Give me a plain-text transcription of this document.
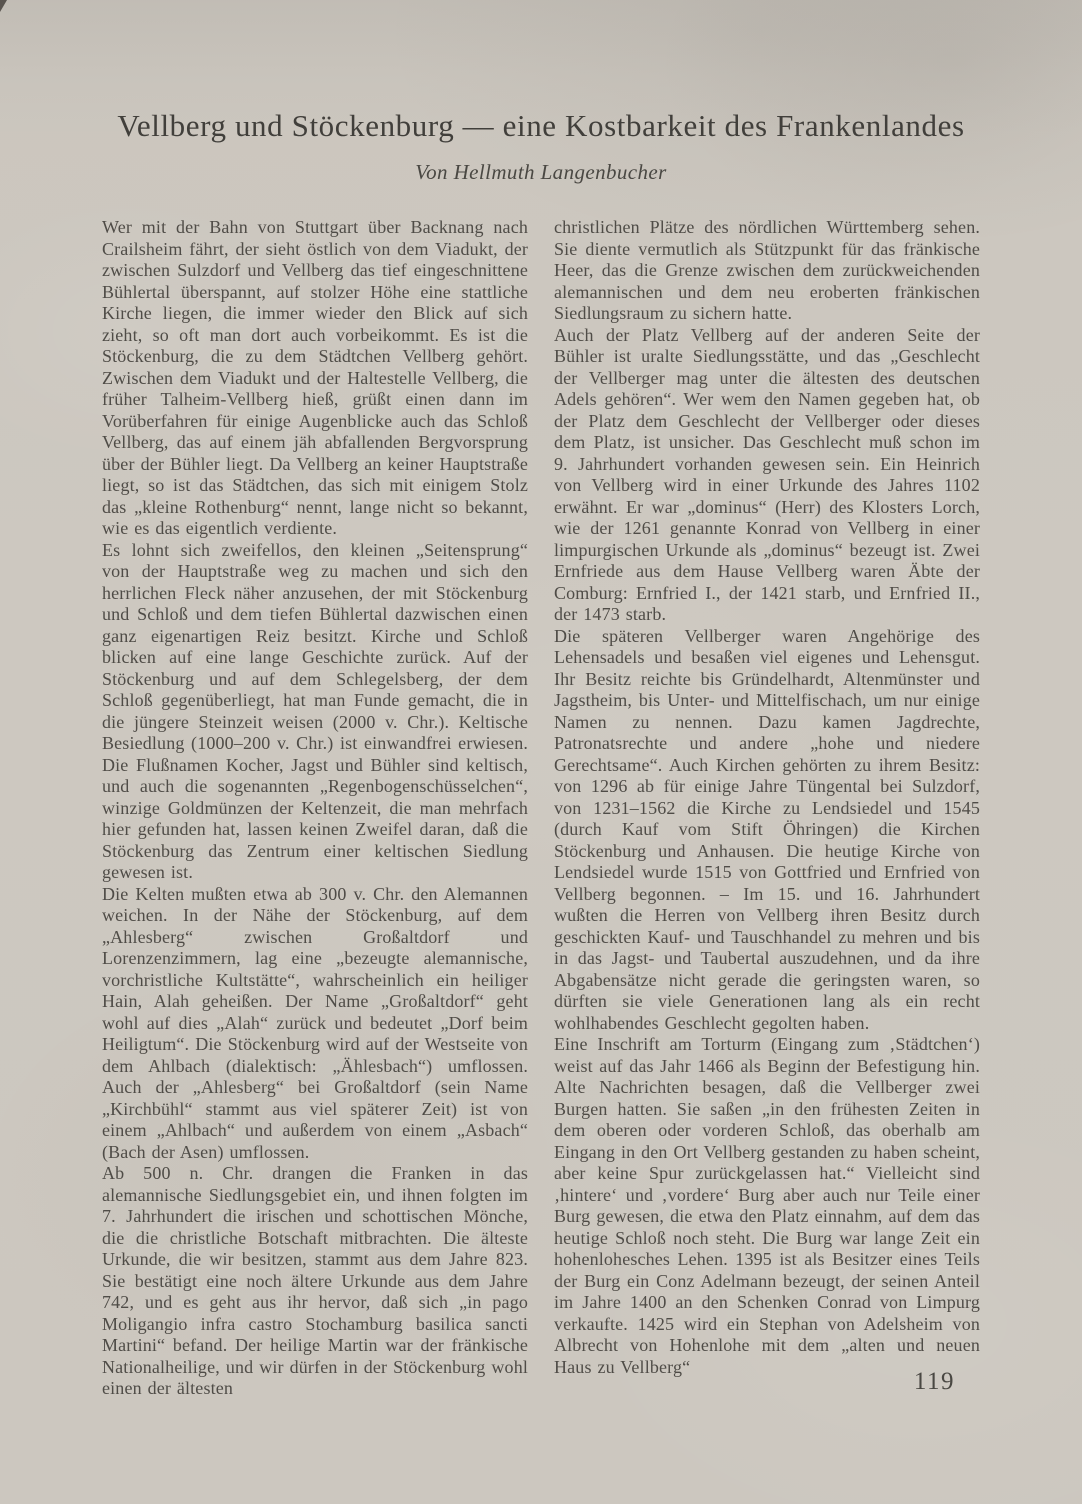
Vellberg und Stöckenburg — eine Kostbarkeit des Frankenlandes
Von Hellmuth Langenbucher

Wer mit der Bahn von Stuttgart über Backnang nach Crailsheim fährt, der sieht östlich von dem Viadukt, der zwischen Sulzdorf und Vellberg das tief eingeschnittene Bühlertal überspannt, auf stolzer Höhe eine stattliche Kirche liegen, die immer wieder den Blick auf sich zieht, so oft man dort auch vorbeikommt. Es ist die Stöckenburg, die zu dem Städtchen Vellberg gehört. Zwischen dem Viadukt und der Haltestelle Vellberg, die früher Talheim-Vellberg hieß, grüßt einen dann im Vorüberfahren für einige Augenblicke auch das Schloß Vellberg, das auf einem jäh abfallenden Bergvorsprung über der Bühler liegt. Da Vellberg an keiner Hauptstraße liegt, so ist das Städtchen, das sich mit einigem Stolz das „kleine Rothenburg“ nennt, lange nicht so bekannt, wie es das eigentlich verdiente.

Es lohnt sich zweifellos, den kleinen „Seitensprung“ von der Hauptstraße weg zu machen und sich den herrlichen Fleck näher anzusehen, der mit Stöckenburg und Schloß und dem tiefen Bühlertal dazwischen einen ganz eigenartigen Reiz besitzt. Kirche und Schloß blicken auf eine lange Geschichte zurück. Auf der Stöckenburg und auf dem Schlegelsberg, der dem Schloß gegenüberliegt, hat man Funde gemacht, die in die jüngere Steinzeit weisen (2000 v. Chr.). Keltische Besiedlung (1000–200 v. Chr.) ist einwandfrei erwiesen. Die Flußnamen Kocher, Jagst und Bühler sind keltisch, und auch die sogenannten „Regenbogenschüsselchen“, winzige Goldmünzen der Keltenzeit, die man mehrfach hier gefunden hat, lassen keinen Zweifel daran, daß die Stöckenburg das Zentrum einer keltischen Siedlung gewesen ist.

Die Kelten mußten etwa ab 300 v. Chr. den Alemannen weichen. In der Nähe der Stöckenburg, auf dem „Ahlesberg“ zwischen Großaltdorf und Lorenzenzimmern, lag eine „bezeugte alemannische, vorchristliche Kultstätte“, wahrscheinlich ein heiliger Hain, Alah geheißen. Der Name „Großaltdorf“ geht wohl auf dies „Alah“ zurück und bedeutet „Dorf beim Heiligtum“. Die Stöckenburg wird auf der Westseite von dem Ahlbach (dialektisch: „Ählesbach“) umflossen. Auch der „Ahlesberg“ bei Großaltdorf (sein Name „Kirchbühl“ stammt aus viel späterer Zeit) ist von einem „Ahlbach“ und außerdem von einem „Asbach“ (Bach der Asen) umflossen.

Ab 500 n. Chr. drangen die Franken in das alemannische Siedlungsgebiet ein, und ihnen folgten im 7. Jahrhundert die irischen und schottischen Mönche, die die christliche Botschaft mitbrachten. Die älteste Urkunde, die wir besitzen, stammt aus dem Jahre 823. Sie bestätigt eine noch ältere Urkunde aus dem Jahre 742, und es geht aus ihr hervor, daß sich „in pago Moligangio infra castro Stochamburg basilica sancti Martini“ befand. Der heilige Martin war der fränkische Nationalheilige, und wir dürfen in der Stöckenburg wohl einen der ältesten

christlichen Plätze des nördlichen Württemberg sehen. Sie diente vermutlich als Stützpunkt für das fränkische Heer, das die Grenze zwischen dem zurückweichenden alemannischen und dem neu eroberten fränkischen Siedlungsraum zu sichern hatte.

Auch der Platz Vellberg auf der anderen Seite der Bühler ist uralte Siedlungsstätte, und das „Geschlecht der Vellberger mag unter die ältesten des deutschen Adels gehören“. Wer wem den Namen gegeben hat, ob der Platz dem Geschlecht der Vellberger oder dieses dem Platz, ist unsicher. Das Geschlecht muß schon im 9. Jahrhundert vorhanden gewesen sein. Ein Heinrich von Vellberg wird in einer Urkunde des Jahres 1102 erwähnt. Er war „dominus“ (Herr) des Klosters Lorch, wie der 1261 genannte Konrad von Vellberg in einer limpurgischen Urkunde als „dominus“ bezeugt ist. Zwei Ernfriede aus dem Hause Vellberg waren Äbte der Comburg: Ernfried I., der 1421 starb, und Ernfried II., der 1473 starb.

Die späteren Vellberger waren Angehörige des Lehensadels und besaßen viel eigenes und Lehensgut. Ihr Besitz reichte bis Gründelhardt, Altenmünster und Jagstheim, bis Unter- und Mittelfischach, um nur einige Namen zu nennen. Dazu kamen Jagdrechte, Patronatsrechte und andere „hohe und niedere Gerechtsame“. Auch Kirchen gehörten zu ihrem Besitz: von 1296 ab für einige Jahre Tüngental bei Sulzdorf, von 1231–1562 die Kirche zu Lendsiedel und 1545 (durch Kauf vom Stift Öhringen) die Kirchen Stöckenburg und Anhausen. Die heutige Kirche von Lendsiedel wurde 1515 von Gottfried und Ernfried von Vellberg begonnen. – Im 15. und 16. Jahrhundert wußten die Herren von Vellberg ihren Besitz durch geschickten Kauf- und Tauschhandel zu mehren und bis in das Jagst- und Taubertal auszudehnen, und da ihre Abgabensätze nicht gerade die geringsten waren, so dürften sie viele Generationen lang als ein recht wohlhabendes Geschlecht gegolten haben.

Eine Inschrift am Torturm (Eingang zum ‚Städtchen‘) weist auf das Jahr 1466 als Beginn der Befestigung hin. Alte Nachrichten besagen, daß die Vellberger zwei Burgen hatten. Sie saßen „in den frühesten Zeiten in dem oberen oder vorderen Schloß, das oberhalb am Eingang in den Ort Vellberg gestanden zu haben scheint, aber keine Spur zurückgelassen hat.“ Vielleicht sind ‚hintere‘ und ‚vordere‘ Burg aber auch nur Teile einer Burg gewesen, die etwa den Platz einnahm, auf dem das heutige Schloß noch steht. Die Burg war lange Zeit ein hohenlohesches Lehen. 1395 ist als Besitzer eines Teils der Burg ein Conz Adelmann bezeugt, der seinen Anteil im Jahre 1400 an den Schenken Conrad von Limpurg verkaufte. 1425 wird ein Stephan von Adelsheim von Albrecht von Hohenlohe mit dem „alten und neuen Haus zu Vellberg“

119
